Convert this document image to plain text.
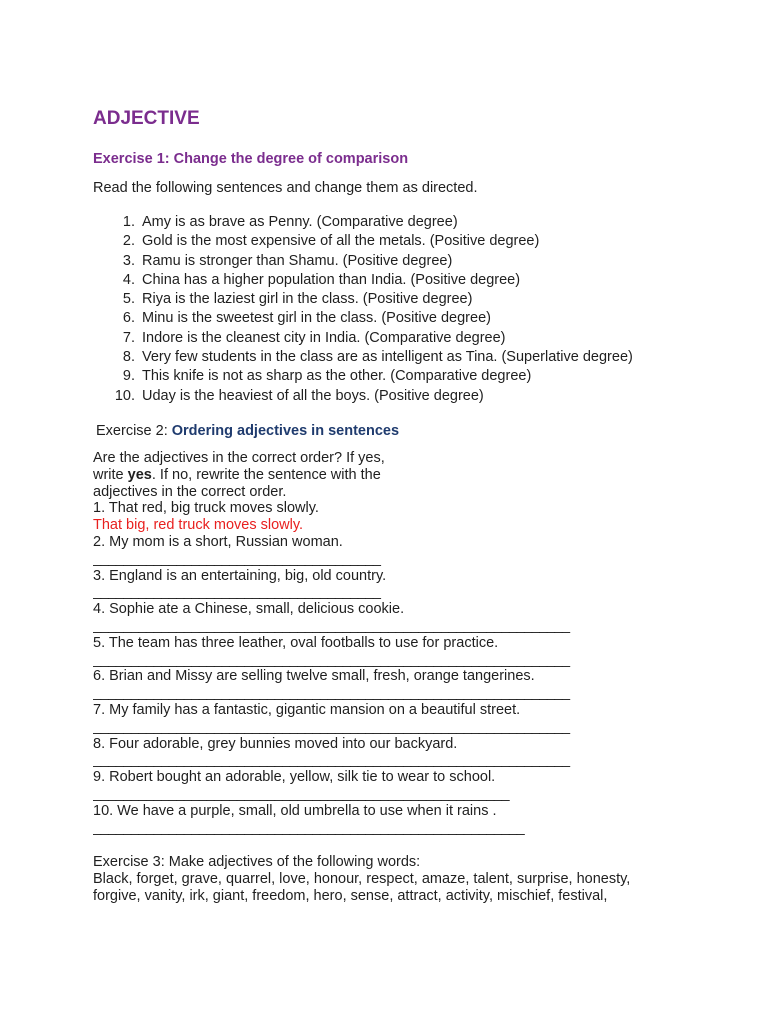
ADJECTIVE
Exercise 1: Change the degree of comparison
Read the following sentences and change them as directed.
1. Amy is as brave as Penny. (Comparative degree)
2. Gold is the most expensive of all the metals. (Positive degree)
3. Ramu is stronger than Shamu. (Positive degree)
4. China has a higher population than India. (Positive degree)
5. Riya is the laziest girl in the class. (Positive degree)
6. Minu is the sweetest girl in the class. (Positive degree)
7. Indore is the cleanest city in India. (Comparative degree)
8. Very few students in the class are as intelligent as Tina. (Superlative degree)
9. This knife is not as sharp as the other. (Comparative degree)
10. Uday is the heaviest of all the boys. (Positive degree)
Exercise 2: Ordering adjectives in sentences
Are the adjectives in the correct order? If yes,
write yes. If no, rewrite the sentence with the
adjectives in the correct order.
1. That red, big truck moves slowly.
That big, red truck moves slowly.
2. My mom is a short, Russian woman.
______________________________________
3. England is an entertaining, big, old country.
______________________________________
4. Sophie ate a Chinese, small, delicious cookie.
_______________________________________________________________
5. The team has three leather, oval footballs to use for practice.
_______________________________________________________________
6. Brian and Missy are selling twelve small, fresh, orange tangerines.
_______________________________________________________________
7. My family has a fantastic, gigantic mansion on a beautiful street.
_______________________________________________________________
8. Four adorable, grey bunnies moved into our backyard.
_______________________________________________________________
9. Robert bought an adorable, yellow, silk tie to wear to school.
_______________________________________________________
10. We have a purple, small, old umbrella to use when it rains .
_________________________________________________________
Exercise 3: Make adjectives of the following words:
Black, forget, grave, quarrel, love, honour, respect, amaze, talent, surprise, honesty,
forgive, vanity, irk, giant, freedom, hero, sense, attract, activity, mischief, festival,
